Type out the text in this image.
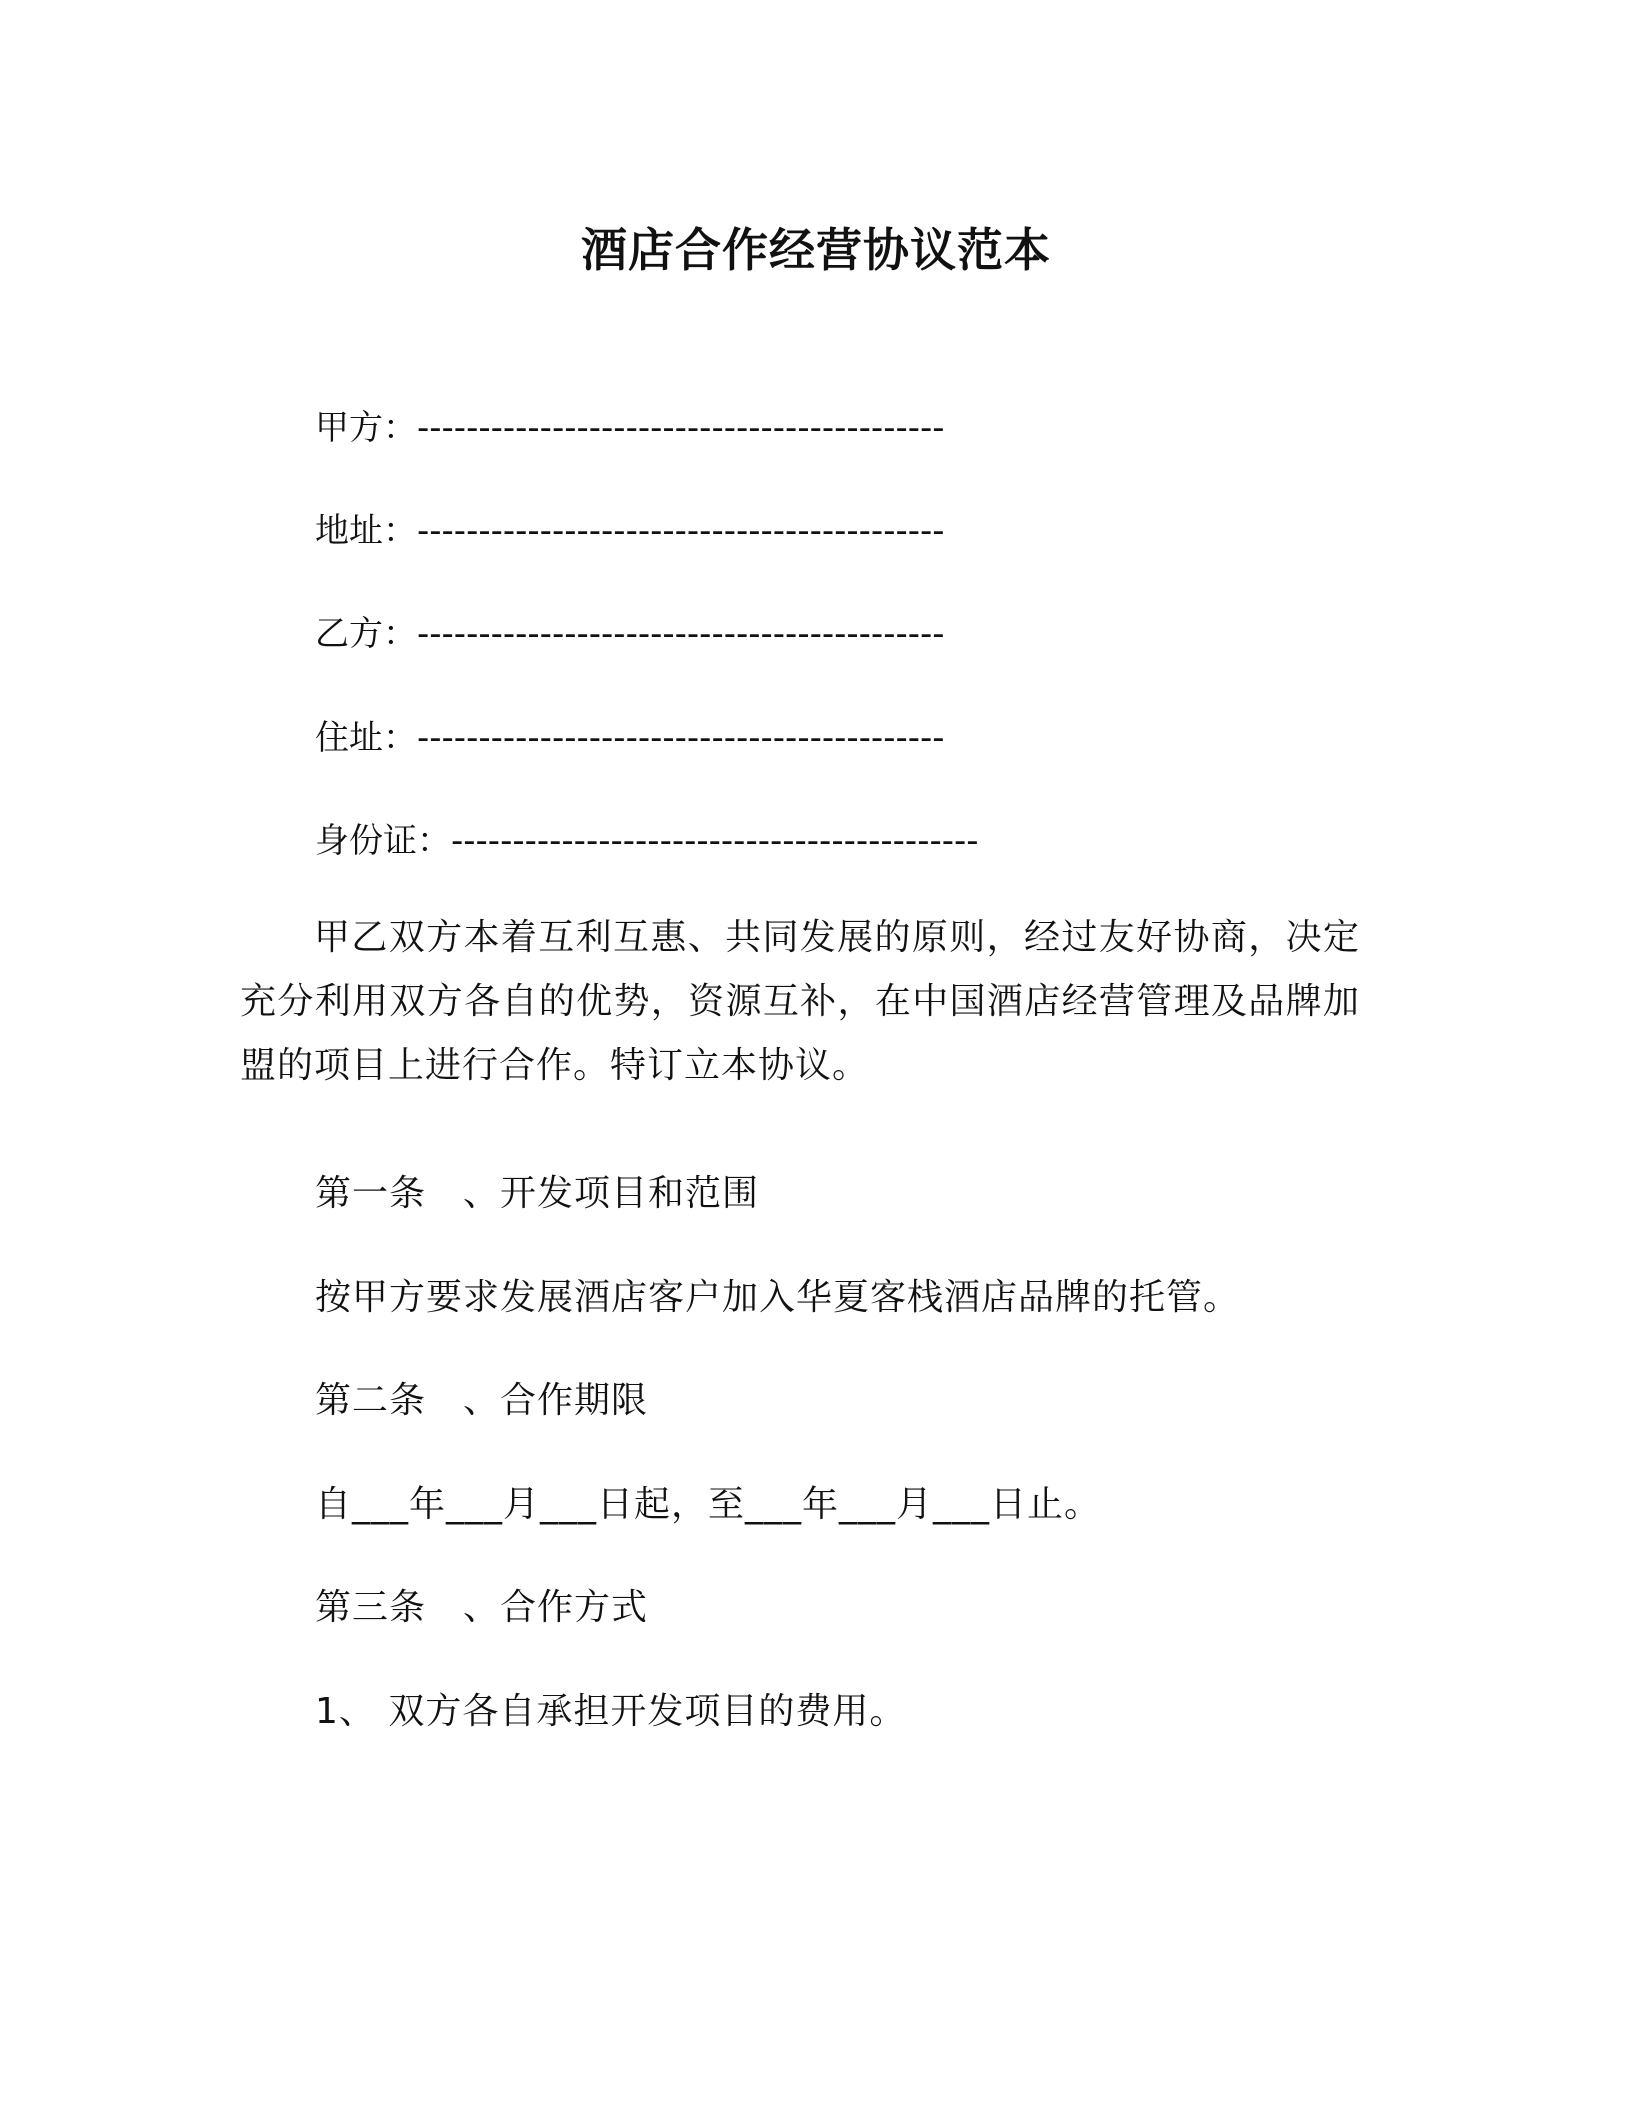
酒店合作经营协议范本
甲方：-------------------------------------------
地址：-------------------------------------------
乙方：-------------------------------------------
住址：-------------------------------------------
身份证：-------------------------------------------
甲乙双方本着互利互惠、共同发展的原则，经过友好协商，决定充分利用双方各自的优势，资源互补，在中国酒店经营管理及品牌加盟的项目上进行合作。特订立本协议。
第一条　、开发项目和范围
按甲方要求发展酒店客户加入华夏客栈酒店品牌的托管。
第二条　、合作期限
自___年___月___日起，至___年___月___日止。
第三条　、合作方式
1、 双方各自承担开发项目的费用。
